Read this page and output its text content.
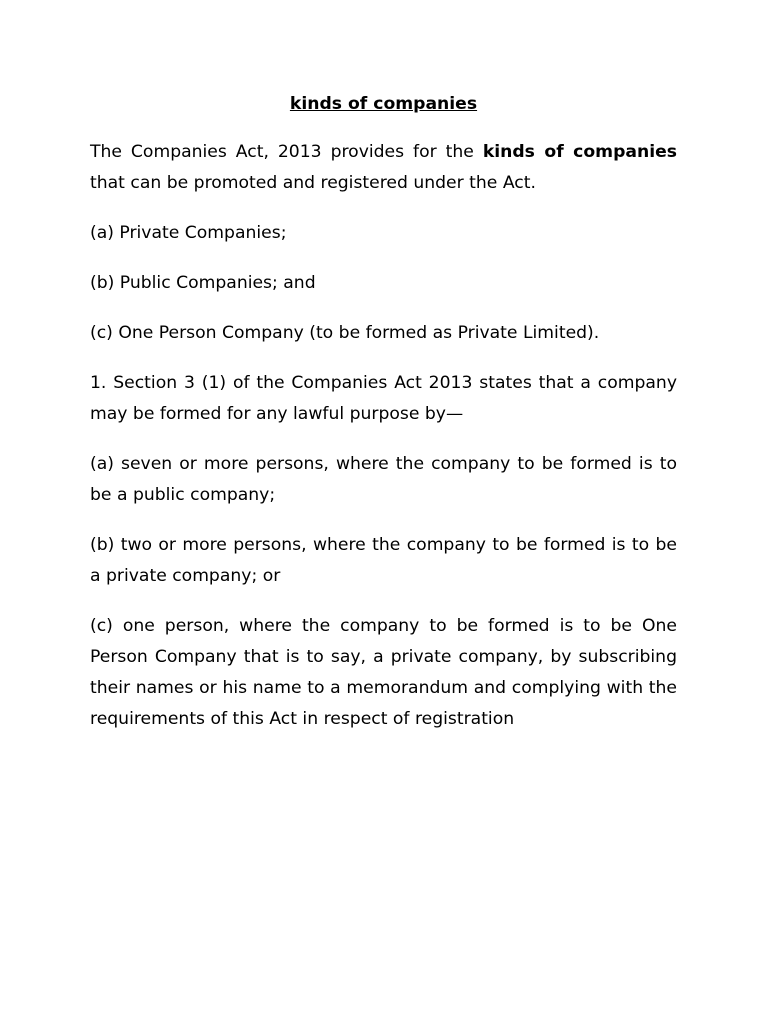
kinds of companies

The Companies Act, 2013 provides for the kinds of companies that can be promoted and registered under the Act.

(a) Private Companies;

(b) Public Companies; and

(c) One Person Company (to be formed as Private Limited).

1. Section 3 (1) of the Companies Act 2013 states that a company may be formed for any lawful purpose by—

(a) seven or more persons, where the company to be formed is to be a public company;

(b) two or more persons, where the company to be formed is to be a private company; or

(c) one person, where the company to be formed is to be One Person Company that is to say, a private company, by subscribing their names or his name to a memorandum and complying with the requirements of this Act in respect of registration
